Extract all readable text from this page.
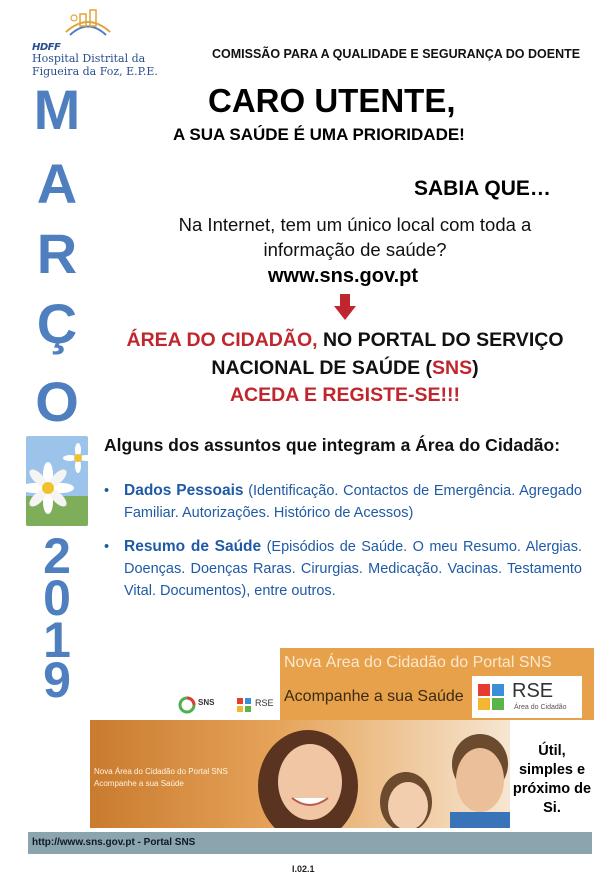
HDFF
Hospital Distrital da
Figueira da Foz, E.P.E.
M
A
R
Ç
O
2
0
1
9
COMISSÃO PARA A QUALIDADE E SEGURANÇA DO DOENTE
CARO UTENTE,
A SUA SAÚDE É UMA PRIORIDADE!
SABIA QUE…
Na Internet, tem um único local com toda a informação de saúde?
www.sns.gov.pt
ÁREA DO CIDADÃO, NO PORTAL DO SERVIÇO NACIONAL DE SAÚDE (SNS)
ACEDA E REGISTE-SE!!!
Alguns dos assuntos que integram a Área do Cidadão:
• Dados Pessoais (Identificação. Contactos de Emergência. Agregado Familiar. Autorizações. Histórico de Acessos)
• Resumo de Saúde (Episódios de Saúde. O meu Resumo. Alergias. Doenças. Doenças Raras. Cirurgias. Medicação. Vacinas. Testamento Vital. Documentos), entre outros.
Nova Área do Cidadão do Portal SNS
Acompanhe a sua Saúde RSE
Área do Cidadão
SNS	RSE
Nova Área do Cidadão do Portal SNS
Acompanhe a sua Saúde
Útil, simples e próximo de Si.
http://www.sns.gov.pt - Portal SNS
I.02.1
